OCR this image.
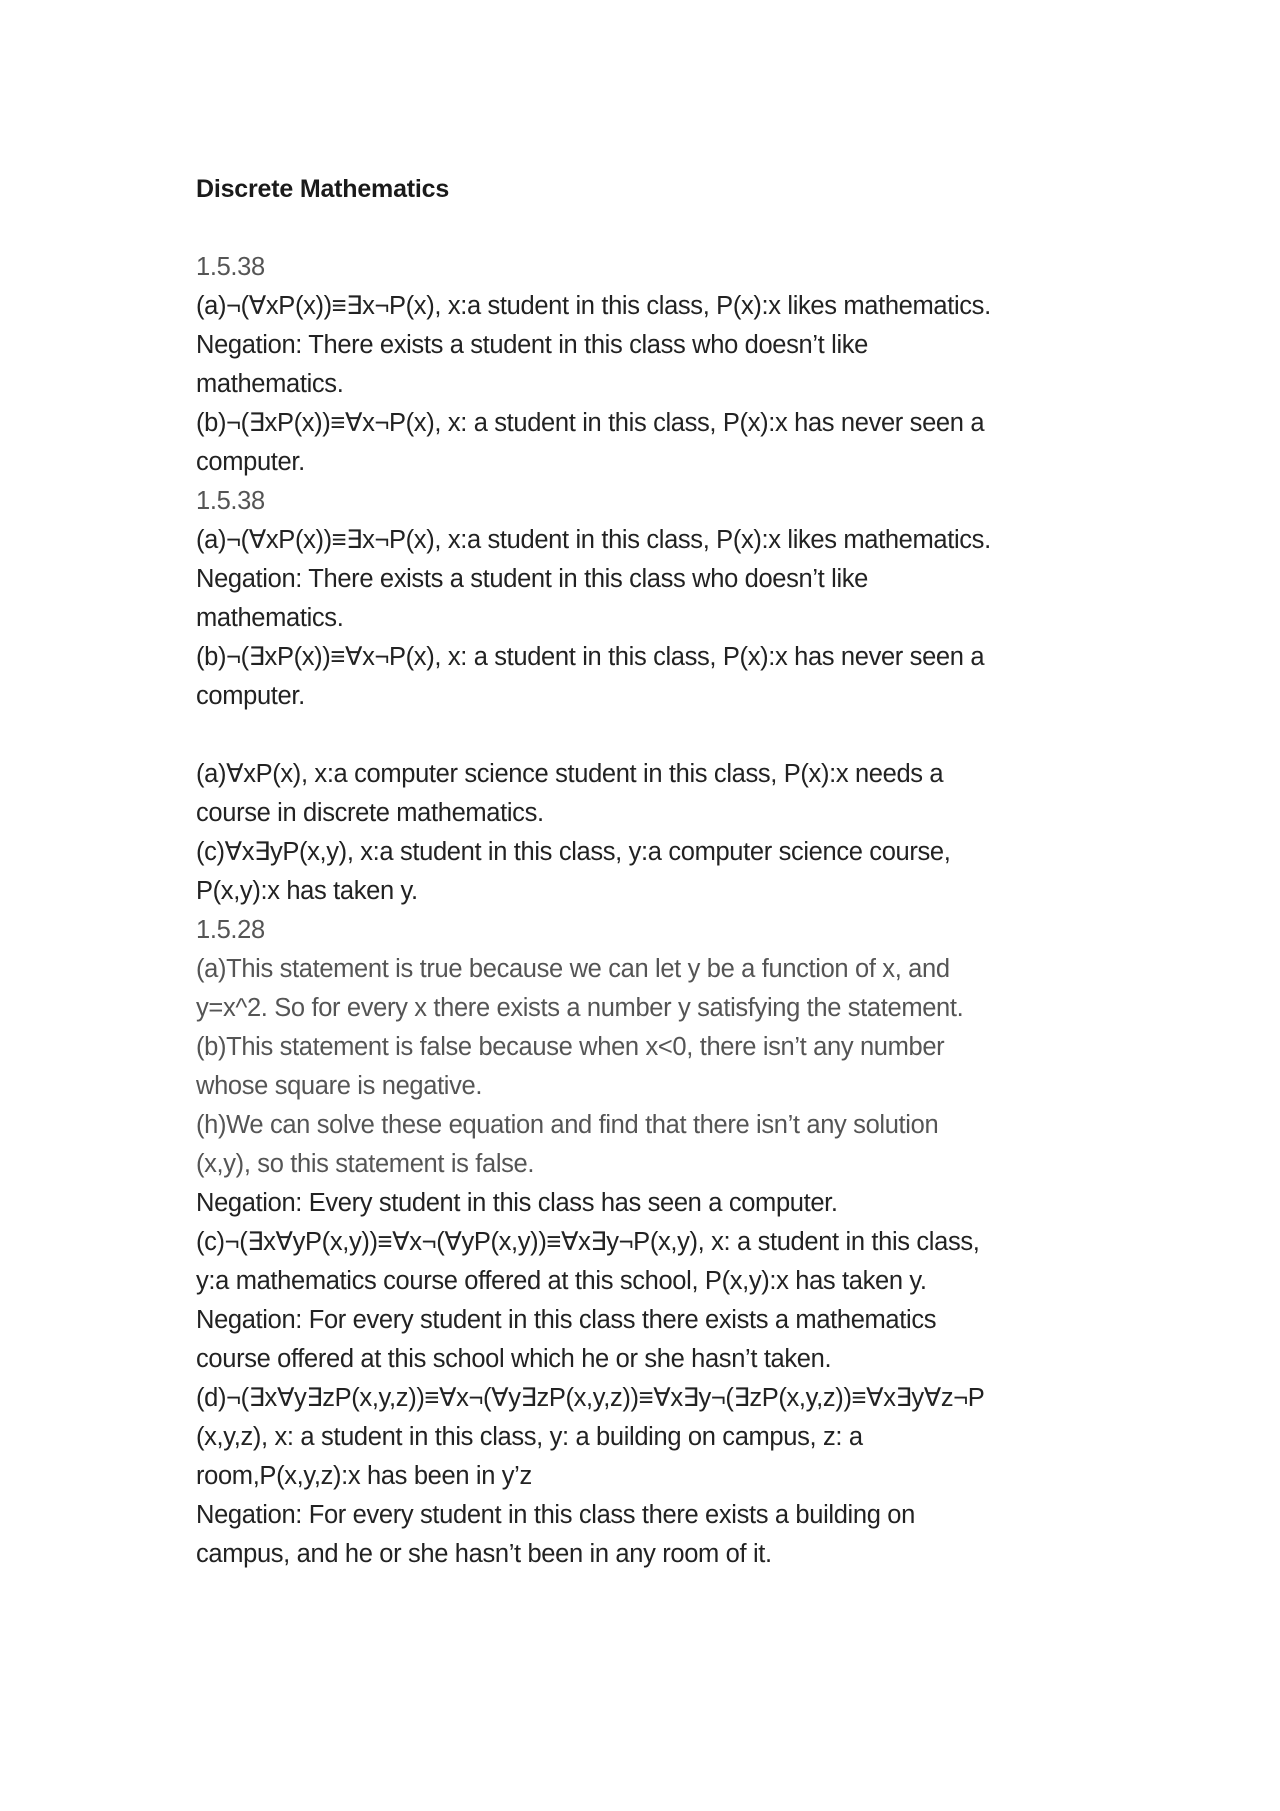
Discrete Mathematics
1.5.38
(a)¬(∀xP(x))≡∃x¬P(x), x:a student in this class, P(x):x likes mathematics.
Negation: There exists a student in this class who doesn’t like
mathematics.
(b)¬(∃xP(x))≡∀x¬P(x), x: a student in this class, P(x):x has never seen a
computer.
1.5.38
(a)¬(∀xP(x))≡∃x¬P(x), x:a student in this class, P(x):x likes mathematics.
Negation: There exists a student in this class who doesn’t like
mathematics.
(b)¬(∃xP(x))≡∀x¬P(x), x: a student in this class, P(x):x has never seen a
computer.
(a)∀xP(x), x:a computer science student in this class, P(x):x needs a
course in discrete mathematics.
(c)∀x∃yP(x,y), x:a student in this class, y:a computer science course,
P(x,y):x has taken y.
1.5.28
(a)This statement is true because we can let y be a function of x, and
y=x^2. So for every x there exists a number y satisfying the statement.
(b)This statement is false because when x<0, there isn’t any number
whose square is negative.
(h)We can solve these equation and find that there isn’t any solution
(x,y), so this statement is false.
Negation: Every student in this class has seen a computer.
(c)¬(∃x∀yP(x,y))≡∀x¬(∀yP(x,y))≡∀x∃y¬P(x,y), x: a student in this class,
y:a mathematics course offered at this school, P(x,y):x has taken y.
Negation: For every student in this class there exists a mathematics
course offered at this school which he or she hasn’t taken.
(d)¬(∃x∀y∃zP(x,y,z))≡∀x¬(∀y∃zP(x,y,z))≡∀x∃y¬(∃zP(x,y,z))≡∀x∃y∀z¬P
(x,y,z), x: a student in this class, y: a building on campus, z: a
room,P(x,y,z):x has been in y’z
Negation: For every student in this class there exists a building on
campus, and he or she hasn’t been in any room of it.
